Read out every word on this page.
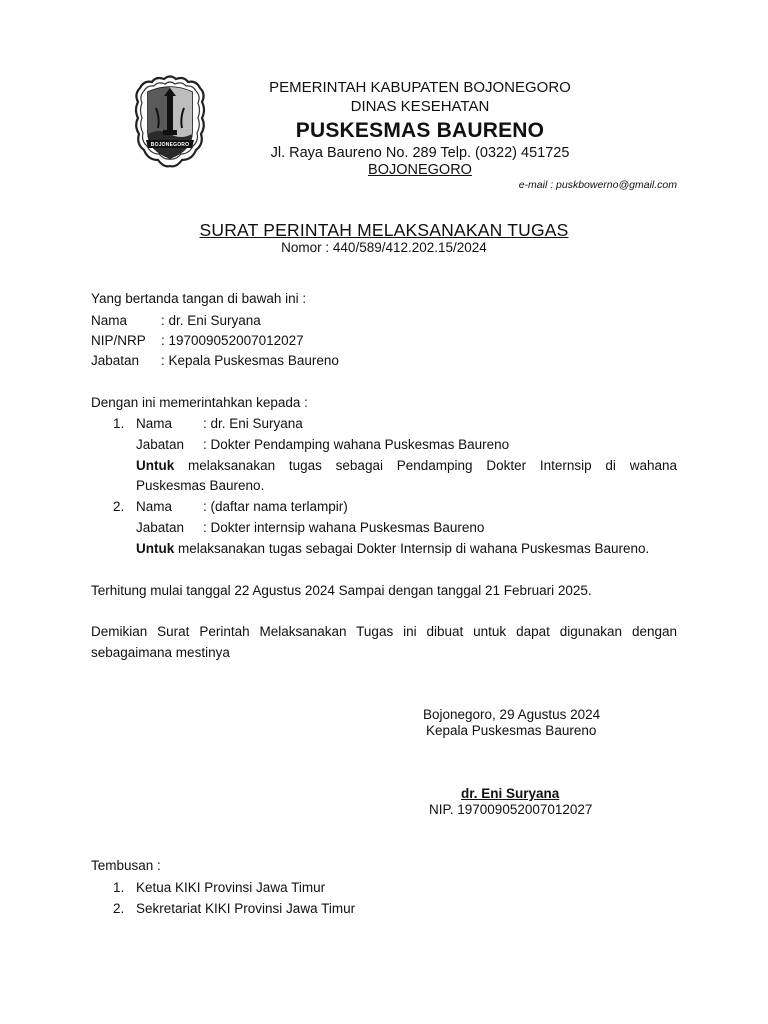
BOJONEGORO
PEMERINTAH KABUPATEN BOJONEGORO
DINAS KESEHATAN
PUSKESMAS BAURENO
Jl. Raya Baureno No. 289 Telp. (0322) 451725
BOJONEGORO
e-mail : puskbowerno@gmail.com
SURAT PERINTAH MELAKSANAKAN TUGAS
Nomor : 440/589/412.202.15/2024
Yang bertanda tangan di bawah ini :
Nama	: dr. Eni Suryana
NIP/NRP : 197009052007012027
Jabatan : Kepala Puskesmas Baureno
Dengan ini memerintahkan kepada :
1. Nama : dr. Eni Suryana
Jabatan : Dokter Pendamping wahana Puskesmas Baureno
Untuk melaksanakan tugas sebagai Pendamping Dokter Internsip di wahana
Puskesmas Baureno.
2. Nama : (daftar nama terlampir)
Jabatan : Dokter internsip wahana Puskesmas Baureno
Untuk melaksanakan tugas sebagai Dokter Internsip di wahana Puskesmas Baureno.
Terhitung mulai tanggal 22 Agustus 2024 Sampai dengan tanggal 21 Februari 2025.
Demikian Surat Perintah Melaksanakan Tugas ini dibuat untuk dapat digunakan dengan
sebagaimana mestinya
Bojonegoro, 29 Agustus 2024
Kepala Puskesmas Baureno
dr. Eni Suryana
NIP. 197009052007012027
Tembusan :
1. Ketua KIKI Provinsi Jawa Timur
2. Sekretariat KIKI Provinsi Jawa Timur
